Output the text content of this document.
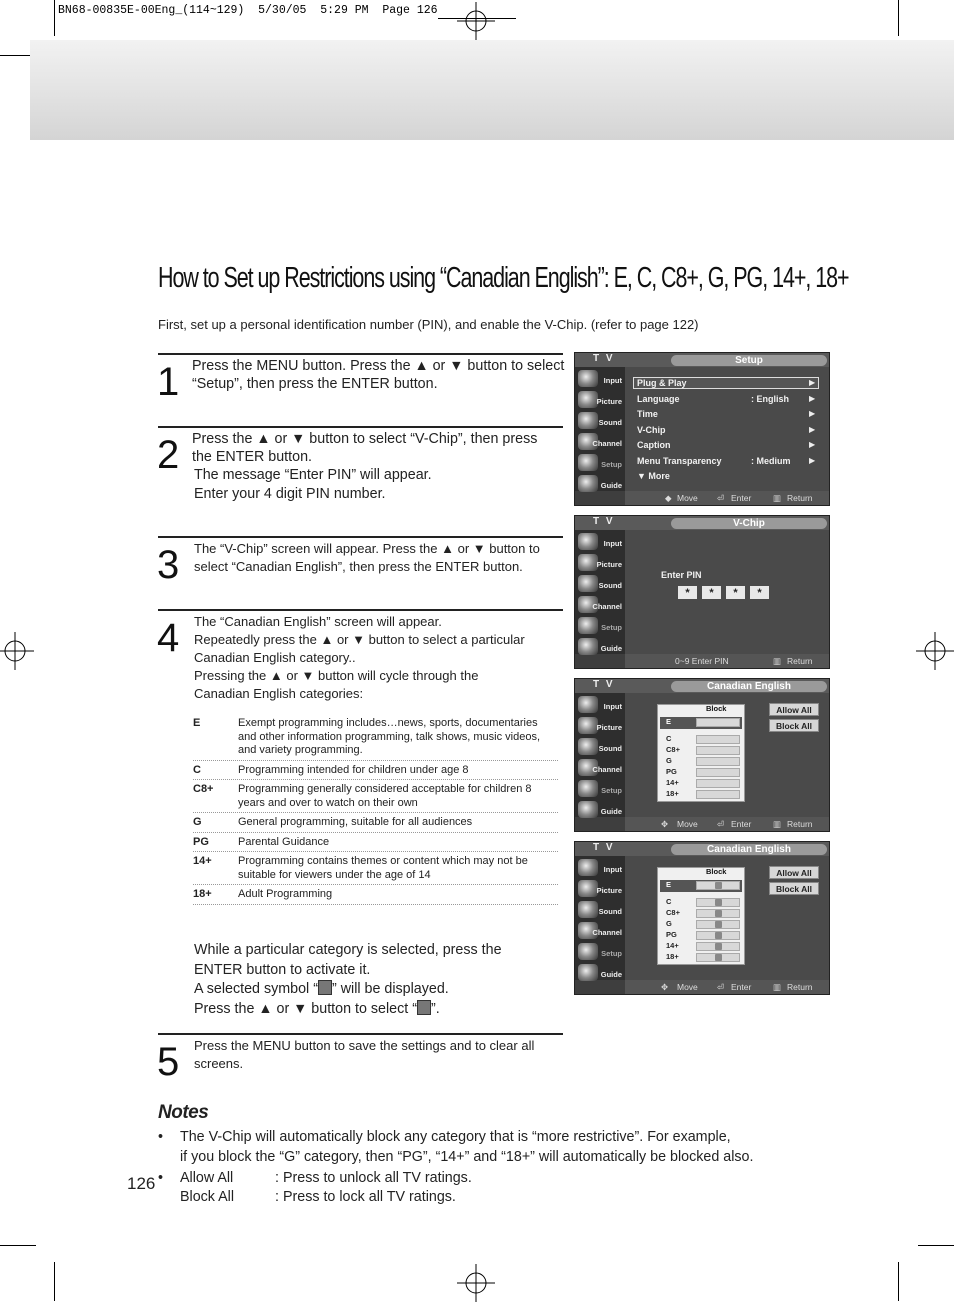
BN68-00835E-00Eng_(114~129)  5/30/05  5:29 PM  Page 126
How to Set up Restrictions using “Canadian English”: E, C, C8+, G, PG, 14+, 18+
First, set up a personal identification number (PIN), and enable the V-Chip. (refer to page 122)
1 Press the MENU button. Press the ▲ or ▼ button to select
“Setup”, then press the ENTER button.
2 Press the ▲ or ▼ button to select “V-Chip”, then press
the ENTER button.
The message “Enter PIN” will appear.
Enter your 4 digit PIN number.
3 The “V-Chip” screen will appear. Press the ▲ or ▼ button to
select “Canadian English”, then press the ENTER button.
4 The “Canadian English” screen will appear.
Repeatedly press the ▲ or ▼ button to select a particular
Canadian English category..
Pressing the ▲ or ▼ button will cycle through the
Canadian English categories:
E	Exempt programming includes…news, sports, documentaries and other information programming, talk shows, music videos, and variety programming.
C	Programming intended for children under age 8
C8+	Programming generally considered acceptable for children 8 years and over to watch on their own
G	General programming, suitable for all audiences
PG	Parental Guidance
14+	Programming contains themes or content which may not be suitable for viewers under the age of 14
18+	Adult Programming
While a particular category is selected, press the
ENTER button to activate it.
A selected symbol “ ” will be displayed.
Press the ▲ or ▼ button to select “ ”.
5 Press the MENU button to save the settings and to clear all
screens.
Notes
• The V-Chip will automatically block any category that is “more restrictive”. For example,
if you block the “G” category, then “PG”, “14+” and “18+” will automatically be blocked also.
• Allow All	: Press to unlock all TV ratings.
Block All	: Press to lock all TV ratings.
126
T V	Setup
Input
Picture
Sound
Channel
Setup
Guide
Plug & Play	▶
Language	: English	▶
Time	▶
V-Chip	▶
Caption	▶
Menu Transparency	: Medium ▶
▼ More
◆ Move ⏎ Enter	▥ Return
T V	V-Chip
Input
Picture
Sound
Channel
Setup
Guide
Enter PIN
*	*	*	*
0~9 Enter PIN	▥ Return
T V	Canadian English
Input
Picture
Sound
Channel
Setup
Guide
Block
E
C
C8+
G
PG
14+
18+
Allow All
Block All
✥ Move ⏎ Enter	▥ Return
T V	Canadian English
Input
Picture
Sound
Channel
Setup
Guide
Block
E
C
C8+
G
PG
14+
18+
Allow All
Block All
✥ Move ⏎ Enter	▥ Return
